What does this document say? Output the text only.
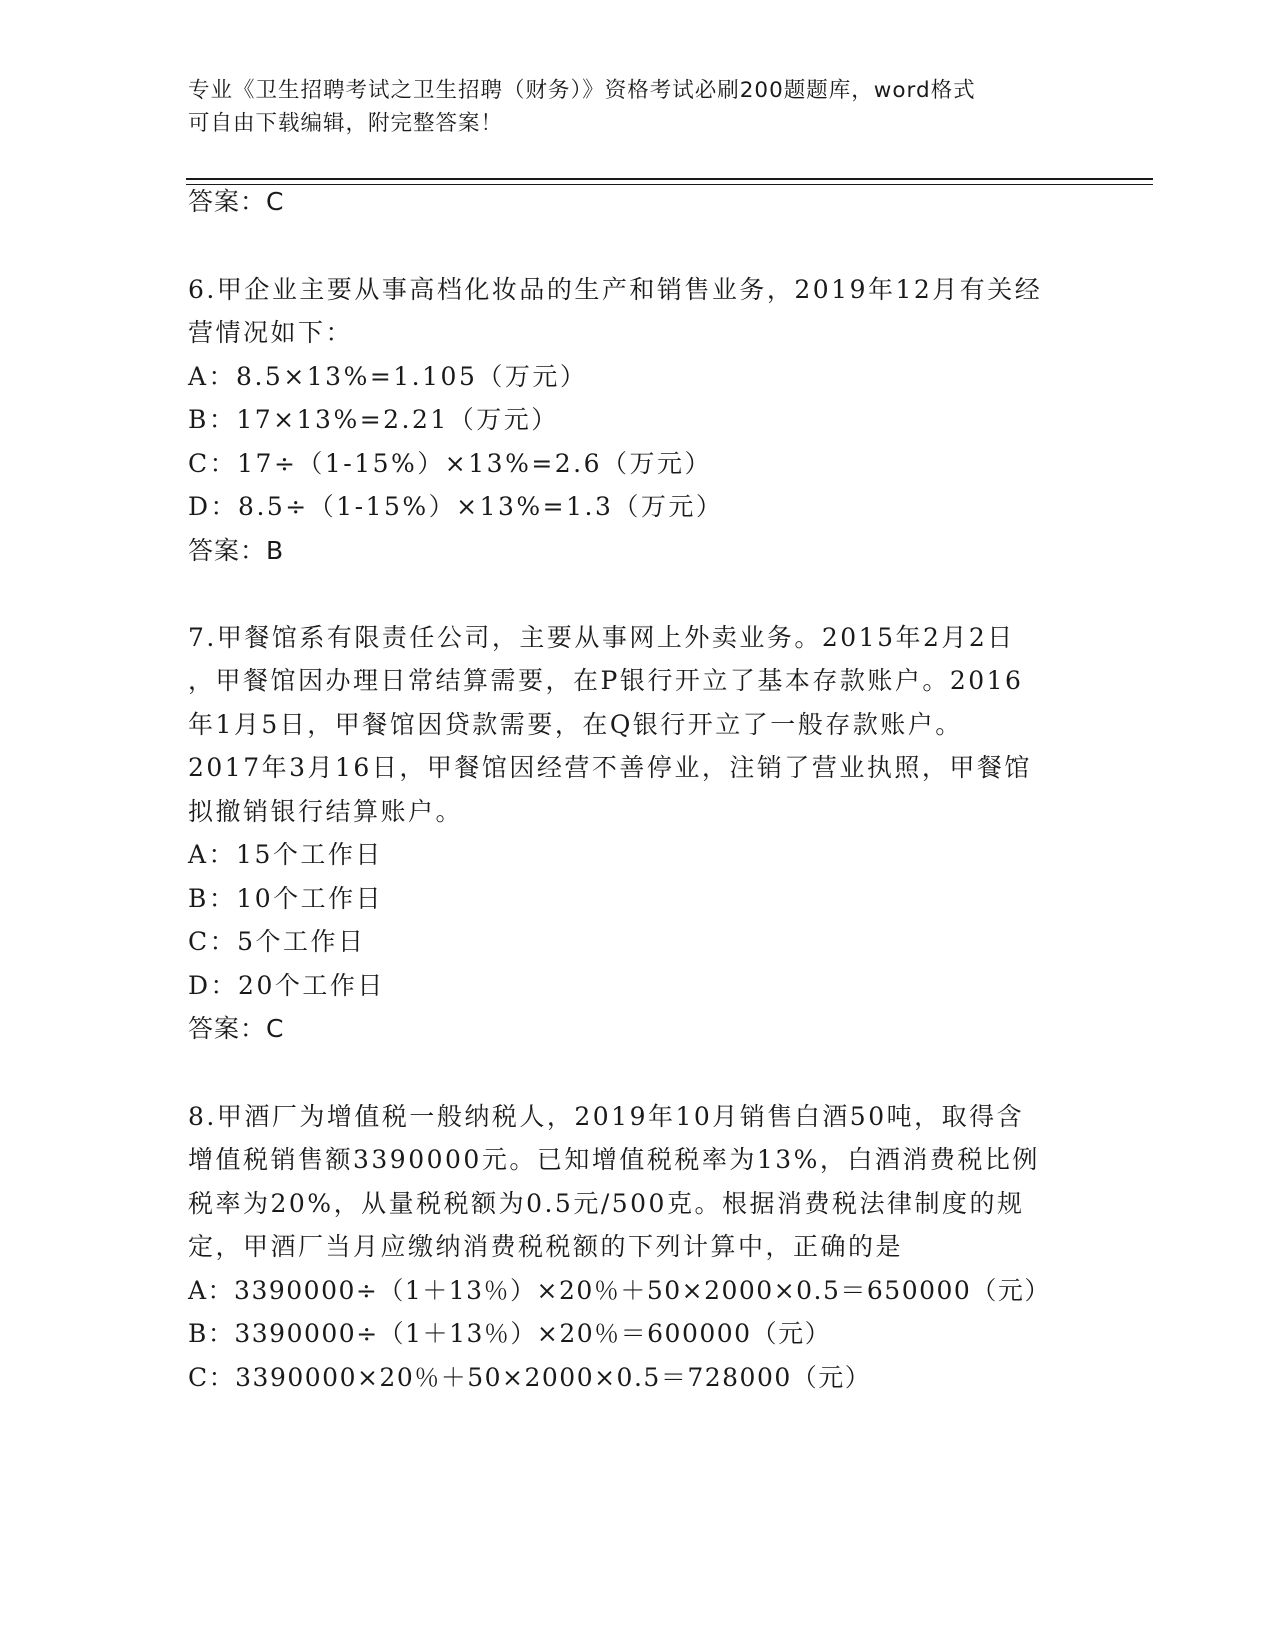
专业《卫生招聘考试之卫生招聘（财务）》资格考试必刷200题题库，word格式
可自由下载编辑，附完整答案！
答案：C
6.甲企业主要从事高档化妆品的生产和销售业务，2019年12月有关经
营情况如下：
A：8.5×13%=1.105（万元）
B：17×13%=2.21（万元）
C：17÷（1-15%）×13%=2.6（万元）
D：8.5÷（1-15%）×13%=1.3（万元）
答案：B
7.甲餐馆系有限责任公司，主要从事网上外卖业务。2015年2月2日
，甲餐馆因办理日常结算需要，在P银行开立了基本存款账户。2016
年1月5日，甲餐馆因贷款需要，在Q银行开立了一般存款账户。
2017年3月16日，甲餐馆因经营不善停业，注销了营业执照，甲餐馆
拟撤销银行结算账户。
A：15个工作日
B：10个工作日
C：5个工作日
D：20个工作日
答案：C
8.甲酒厂为增值税一般纳税人，2019年10月销售白酒50吨，取得含
增值税销售额3390000元。已知增值税税率为13%，白酒消费税比例
税率为20%，从量税税额为0.5元/500克。根据消费税法律制度的规
定，甲酒厂当月应缴纳消费税税额的下列计算中，正确的是
A：3390000÷（1＋13％）×20％＋50×2000×0.5＝650000（元）
B：3390000÷（1＋13％）×20％＝600000（元）
C：3390000×20％＋50×2000×0.5＝728000（元）
